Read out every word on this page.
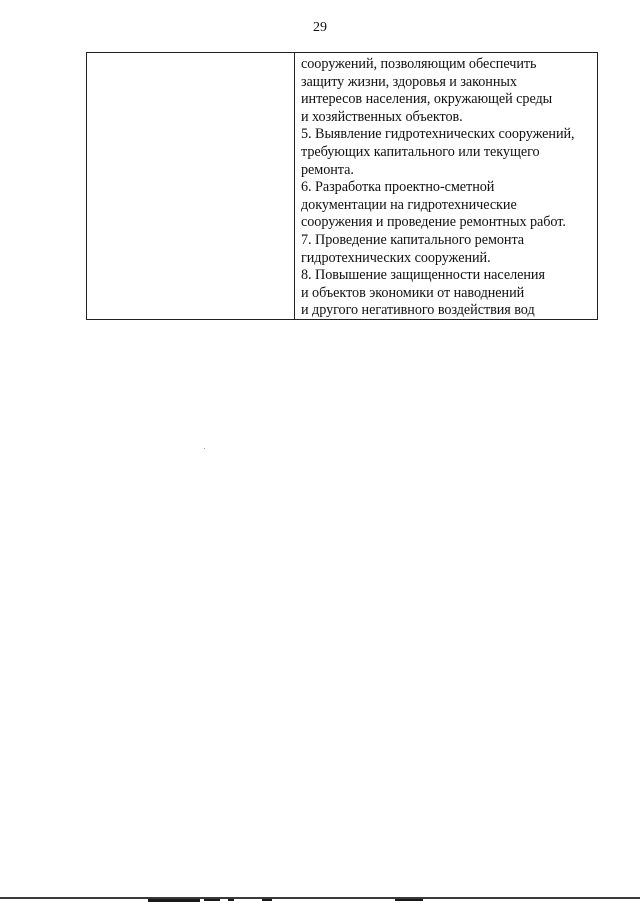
29
сооружений, позволяющим обеспечить
защиту жизни, здоровья и законных
интересов населения, окружающей среды
и хозяйственных объектов.
5. Выявление гидротехнических сооружений,
требующих капитального или текущего
ремонта.
6. Разработка проектно-сметной
документации на гидротехнические
сооружения и проведение ремонтных работ.
7. Проведение капитального ремонта
гидротехнических сооружений.
8. Повышение защищенности населения
и объектов экономики от наводнений
и другого негативного воздействия вод
